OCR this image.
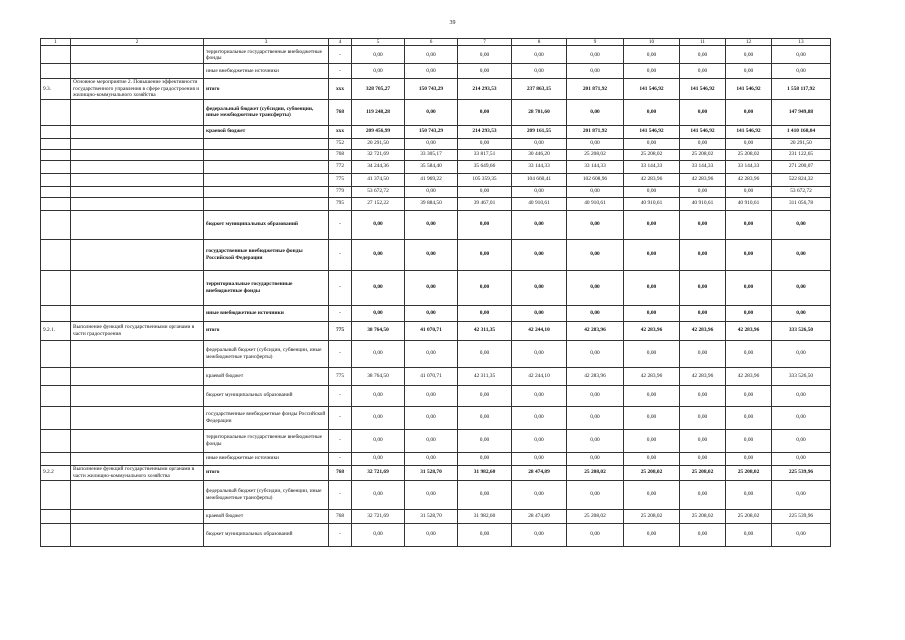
39
1	2	3	4	5	6	7	8	9	10	11	12	13
		территориальные государственные внебюджетные фонды	-	0,00	0,00	0,00	0,00	0,00	0,00	0,00	0,00	0,00
		иные внебюджетные источники	-	0,00	0,00	0,00	0,00	0,00	0,00	0,00	0,00	0,00
9.3.	Основное мероприятие 2. Повышение эффективности государственного управления в сфере градостроения и жилищно-коммунального хозяйства	итого	ххх	328 705,27	150 743,29	214 293,53	237 863,15	201 871,92	141 546,92	141 546,92	141 546,92	1 558 117,92
		федеральный бюджет (субсидии, субвенции, иные межбюджетные трансферты)	768	119 248,28	0,00	0,00	28 701,60	0,00	0,00	0,00	0,00	147 949,88
		краевой бюджет	ххх	209 456,99	150 743,29	214 293,53	209 161,55	201 871,92	141 546,92	141 546,92	141 546,92	1 410 168,04
			752	20 291,50	0,00	0,00	0,00	0,00	0,00	0,00	0,00	20 291,50
			768	32 721,69	33 305,17	33 817,51	30 446,20	25 208,02	25 208,02	25 208,02	25 208,02	231 122,65
			772	34 244,36	35 584,40	35 649,66	33 144,33	33 144,33	33 144,33	33 144,33	33 144,33	271 200,07
			775	41 374,50	41 969,22	105 359,35	104 660,41	102 608,96	42 283,96	42 283,96	42 283,96	522 824,32
			779	53 672,72	0,00	0,00	0,00	0,00	0,00	0,00	0,00	53 672,72
			795	27 152,22	39 884,50	39 467,01	40 910,61	40 910,61	40 910,61	40 910,61	40 910,61	311 056,78
		бюджет муниципальных образований	-	0,00	0,00	0,00	0,00	0,00	0,00	0,00	0,00	0,00
		государственные внебюджетные фонды Российской Федерации	-	0,00	0,00	0,00	0,00	0,00	0,00	0,00	0,00	0,00
		территориальные государственные внебюджетные фонды	-	0,00	0,00	0,00	0,00	0,00	0,00	0,00	0,00	0,00
		иные внебюджетные источники	-	0,00	0,00	0,00	0,00	0,00	0,00	0,00	0,00	0,00
9.2.1.	Выполнение функций государственными органами в части градостроения	итого	775	38 764,50	41 070,71	42 311,35	42 244,10	42 283,96	42 283,96	42 283,96	42 283,96	333 526,50
		федеральный бюджет (субсидии, субвенции, иные межбюджетные трансферты)	-	0,00	0,00	0,00	0,00	0,00	0,00	0,00	0,00	0,00
		краевой бюджет	775	38 764,50	41 070,71	42 311,35	42 244,10	42 283,96	42 283,96	42 283,96	42 283,96	333 526,50
		бюджет муниципальных образований	-	0,00	0,00	0,00	0,00	0,00	0,00	0,00	0,00	0,00
		государственные внебюджетные фонды Российской Федерации	-	0,00	0,00	0,00	0,00	0,00	0,00	0,00	0,00	0,00
		территориальные государственные внебюджетные фонды	-	0,00	0,00	0,00	0,00	0,00	0,00	0,00	0,00	0,00
		иные внебюджетные источники	-	0,00	0,00	0,00	0,00	0,00	0,00	0,00	0,00	0,00
9.2.2	Выполнение функций государственными органами в части жилищно-коммунального хозяйства	итого	768	32 721,69	31 528,70	31 982,60	28 474,89	25 208,02	25 208,02	25 208,02	25 208,02	225 539,96
		федеральный бюджет (субсидии, субвенции, иные межбюджетные трансферты)	-	0,00	0,00	0,00	0,00	0,00	0,00	0,00	0,00	0,00
		краевой бюджет	768	32 721,69	31 528,70	31 982,60	28 474,89	25 208,02	25 208,02	25 208,02	25 208,02	225 539,96
		бюджет муниципальных образований	-	0,00	0,00	0,00	0,00	0,00	0,00	0,00	0,00	0,00
